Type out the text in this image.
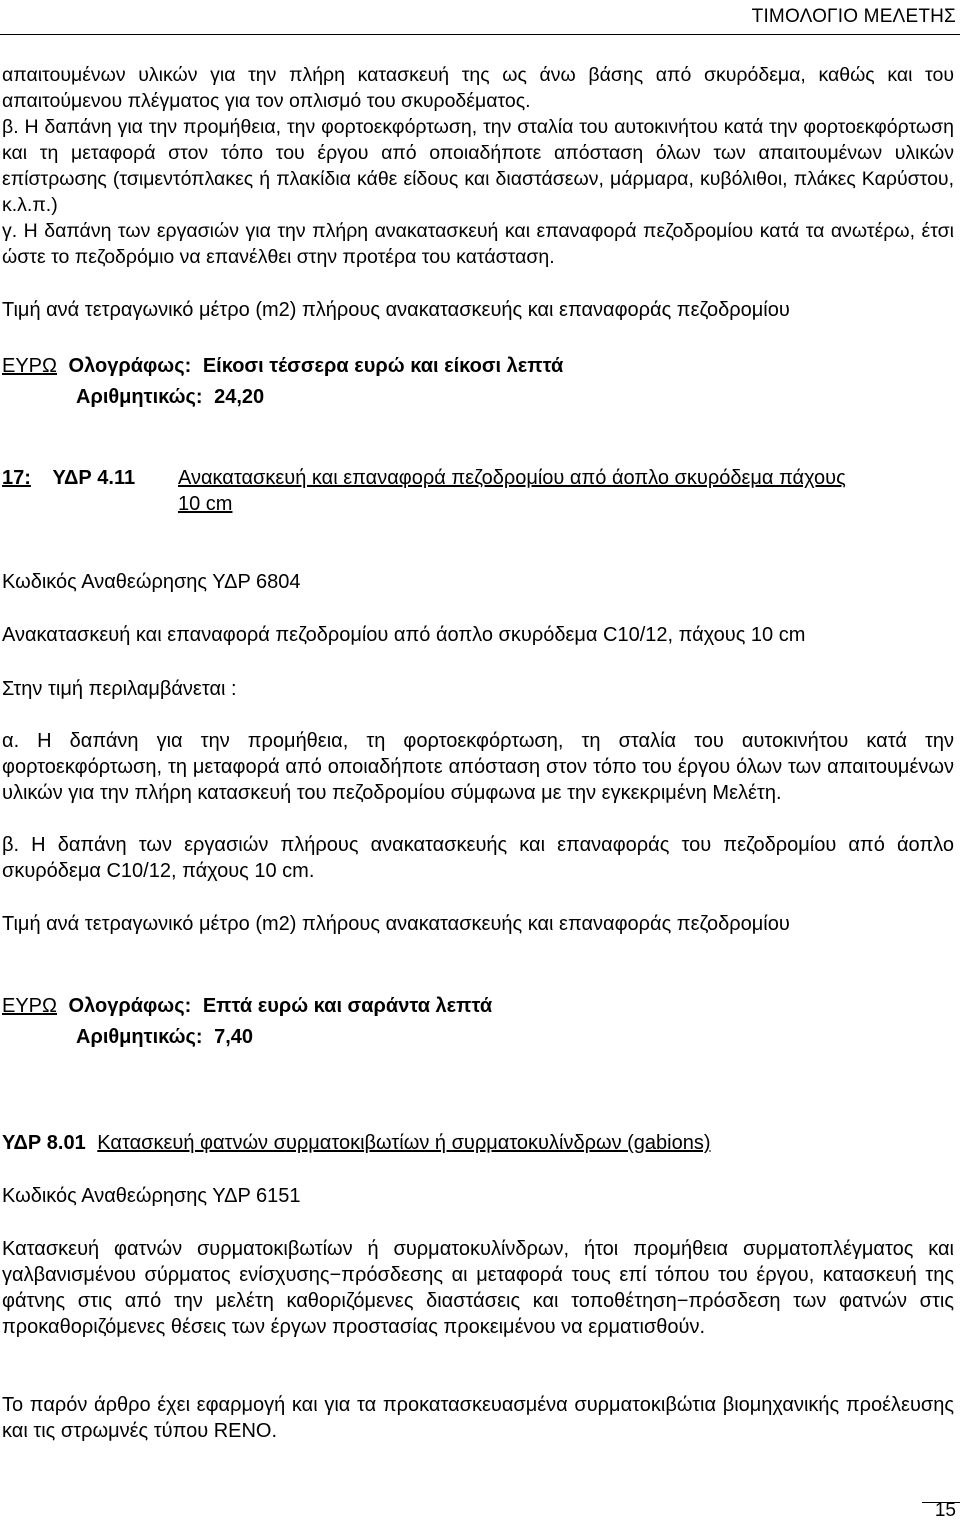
ΤΙΜΟΛΟΓΙΟ ΜΕΛΕΤΗΣ
απαιτουμένων υλικών για την πλήρη κατασκευή της ως άνω βάσης από σκυρόδεμα, καθώς και του απαιτούμενου πλέγματος για τον οπλισμό του σκυροδέματος.
β. Η δαπάνη για την προμήθεια, την φορτοεκφόρτωση, την σταλία του αυτοκινήτου κατά την φορτοεκφόρτωση και τη μεταφορά στον τόπο του έργου από οποιαδήποτε απόσταση όλων των απαιτουμένων υλικών επίστρωσης (τσιμεντόπλακες ή πλακίδια κάθε είδους και διαστάσεων, μάρμαρα, κυβόλιθοι, πλάκες Καρύστου, κ.λ.π.)
γ. Η δαπάνη των εργασιών για την πλήρη ανακατασκευή και επαναφορά πεζοδρομίου κατά τα ανωτέρω, έτσι ώστε το πεζοδρόμιο να επανέλθει στην προτέρα του κατάσταση.
Τιμή ανά τετραγωνικό μέτρο (m2) πλήρους ανακατασκευής και επαναφοράς πεζοδρομίου
ΕΥΡΩ Ολογράφως: Είκοσι τέσσερα ευρώ και είκοσι λεπτά
Αριθμητικώς: 24,20
17: ΥΔΡ 4.11 Ανακατασκευή και επαναφορά πεζοδρομίου από άοπλο σκυρόδεμα πάχους
10 cm
Κωδικός Αναθεώρησης ΥΔΡ 6804
Ανακατασκευή και επαναφορά πεζοδρομίου από άοπλο σκυρόδεμα C10/12, πάχους 10 cm
Στην τιμή περιλαμβάνεται :
α. Η δαπάνη για την προμήθεια, τη φορτοεκφόρτωση, τη σταλία του αυτοκινήτου κατά την φορτοεκφόρτωση, τη μεταφορά από οποιαδήποτε απόσταση στον τόπο του έργου όλων των απαιτουμένων υλικών για την πλήρη κατασκευή του πεζοδρομίου σύμφωνα με την εγκεκριμένη Μελέτη.
β. Η δαπάνη των εργασιών πλήρους ανακατασκευής και επαναφοράς του πεζοδρομίου από άοπλο σκυρόδεμα C10/12, πάχους 10 cm.
Τιμή ανά τετραγωνικό μέτρο (m2) πλήρους ανακατασκευής και επαναφοράς πεζοδρομίου
ΕΥΡΩ Ολογράφως: Επτά ευρώ και σαράντα λεπτά
Αριθμητικώς: 7,40
ΥΔΡ 8.01 Κατασκευή φατνών συρματοκιβωτίων ή συρματοκυλίνδρων (gabions)
Κωδικός Αναθεώρησης ΥΔΡ 6151
Κατασκευή φατνών συρματοκιβωτίων ή συρματοκυλίνδρων, ήτοι προμήθεια συρματοπλέγματος και γαλβανισμένου σύρματος ενίσχυσης−πρόσδεσης αι μεταφορά τους επί τόπου του έργου, κατασκευή της φάτνης στις από την μελέτη καθοριζόμενες διαστάσεις και τοποθέτηση−πρόσδεση των φατνών στις προκαθοριζόμενες θέσεις των έργων προστασίας προκειμένου να ερματισθούν.
Το παρόν άρθρο έχει εφαρμογή και για τα προκατασκευασμένα συρματοκιβώτια βιομηχανικής προέλευσης και τις στρωμνές τύπου RENO.
15
